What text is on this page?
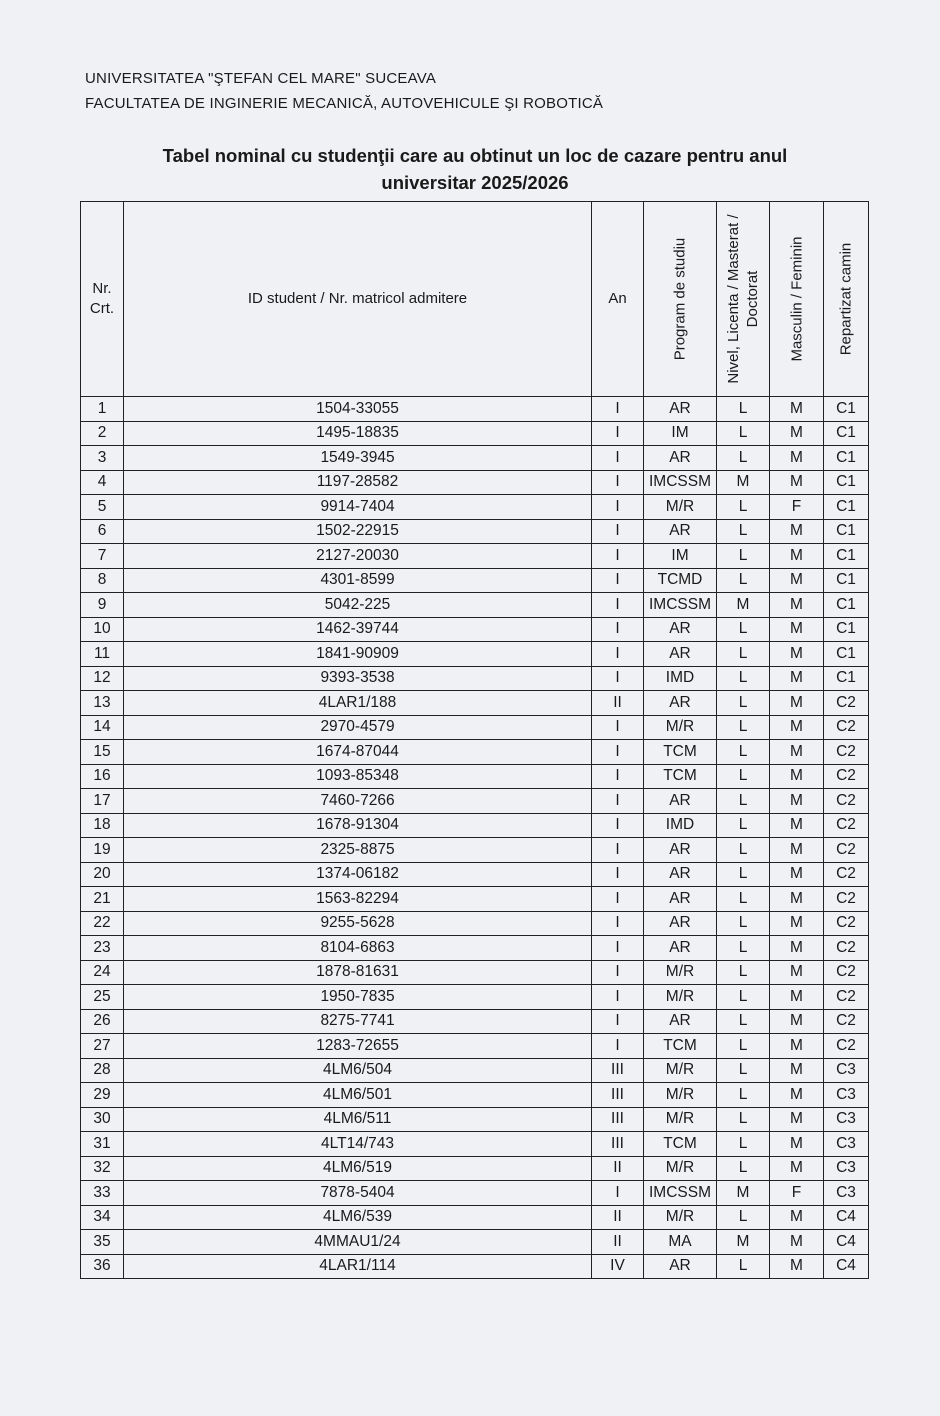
UNIVERSITATEA "ŞTEFAN CEL MARE" SUCEAVA
FACULTATEA DE INGINERIE MECANICĂ, AUTOVEHICULE ŞI ROBOTICĂ
Tabel nominal cu studenţii care au obtinut un loc de cazare pentru anul
universitar 2025/2026
Nr.
Crt.	ID student / Nr. matricol admitere	An	Program de studiu	Nivel, Licenta / Masterat / Doctorat	Masculin / Feminin	Repartizat camin

1	1504-33055	I	AR	L	M	C1
2	1495-18835	I	IM	L	M	C1
3	1549-3945	I	AR	L	M	C1
4	1197-28582	I	IMCSSM	M	M	C1
5	9914-7404	I	M/R	L	F	C1
6	1502-22915	I	AR	L	M	C1
7	2127-20030	I	IM	L	M	C1
8	4301-8599	I	TCMD	L	M	C1
9	5042-225	I	IMCSSM	M	M	C1
10	1462-39744	I	AR	L	M	C1
11	1841-90909	I	AR	L	M	C1
12	9393-3538	I	IMD	L	M	C1
13	4LAR1/188	II	AR	L	M	C2
14	2970-4579	I	M/R	L	M	C2
15	1674-87044	I	TCM	L	M	C2
16	1093-85348	I	TCM	L	M	C2
17	7460-7266	I	AR	L	M	C2
18	1678-91304	I	IMD	L	M	C2
19	2325-8875	I	AR	L	M	C2
20	1374-06182	I	AR	L	M	C2
21	1563-82294	I	AR	L	M	C2
22	9255-5628	I	AR	L	M	C2
23	8104-6863	I	AR	L	M	C2
24	1878-81631	I	M/R	L	M	C2
25	1950-7835	I	M/R	L	M	C2
26	8275-7741	I	AR	L	M	C2
27	1283-72655	I	TCM	L	M	C2
28	4LM6/504	III	M/R	L	M	C3
29	4LM6/501	III	M/R	L	M	C3
30	4LM6/511	III	M/R	L	M	C3
31	4LT14/743	III	TCM	L	M	C3
32	4LM6/519	II	M/R	L	M	C3
33	7878-5404	I	IMCSSM	M	F	C3
34	4LM6/539	II	M/R	L	M	C4
35	4MMAU1/24	II	MA	M	M	C4
36	4LAR1/114	IV	AR	L	M	C4
